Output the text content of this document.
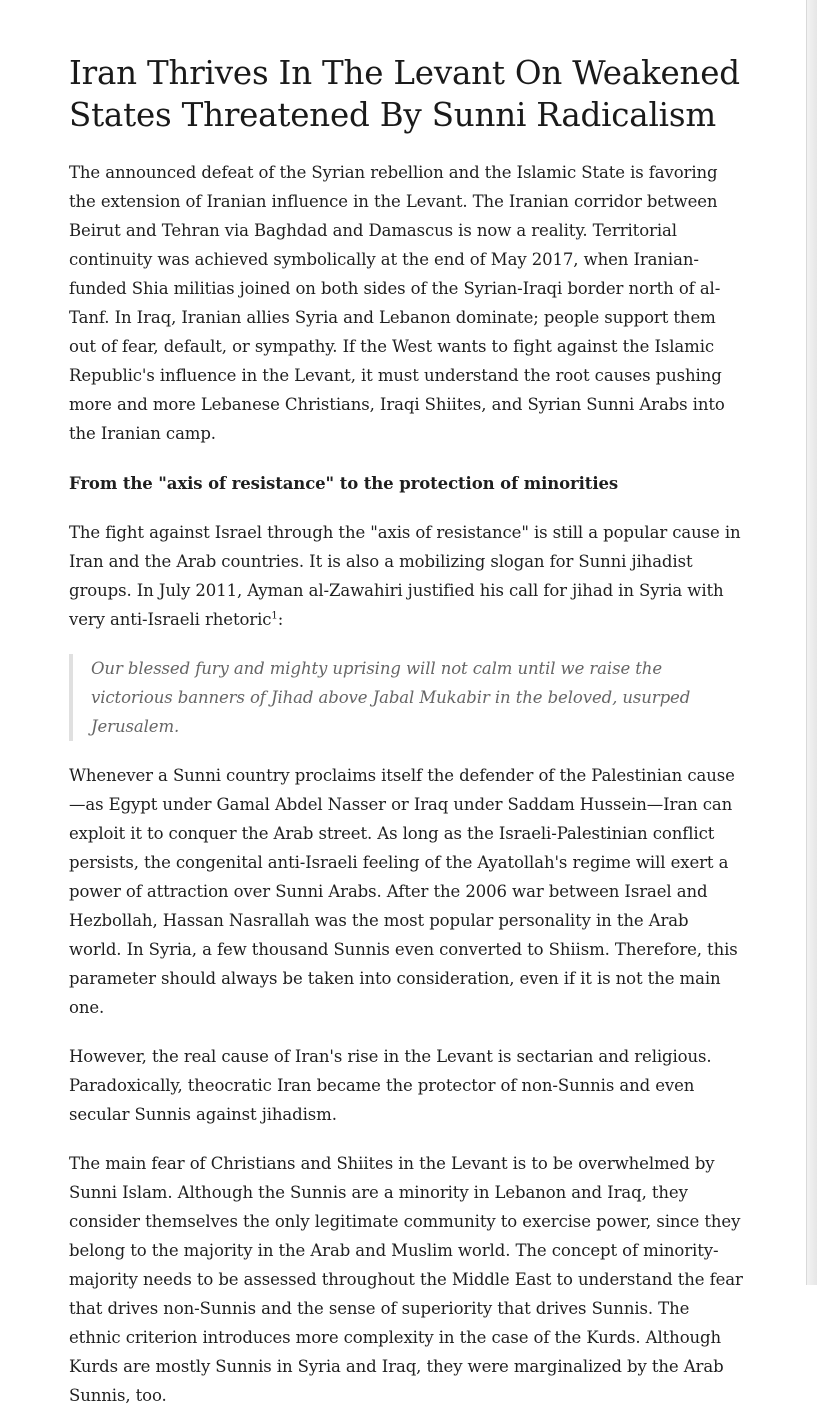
Iran Thrives In The Levant On Weakened States Threatened By Sunni Radicalism

The announced defeat of the Syrian rebellion and the Islamic State is favoring the extension of Iranian influence in the Levant. The Iranian corridor between Beirut and Tehran via Baghdad and Damascus is now a reality. Territorial continuity was achieved symbolically at the end of May 2017, when Iranian-funded Shia militias joined on both sides of the Syrian-Iraqi border north of al-Tanf. In Iraq, Iranian allies Syria and Lebanon dominate; people support them out of fear, default, or sympathy. If the West wants to fight against the Islamic Republic's influence in the Levant, it must understand the root causes pushing more and more Lebanese Christians, Iraqi Shiites, and Syrian Sunni Arabs into the Iranian camp.

From the "axis of resistance" to the protection of minorities

The fight against Israel through the "axis of resistance" is still a popular cause in Iran and the Arab countries. It is also a mobilizing slogan for Sunni jihadist groups. In July 2011, Ayman al-Zawahiri justified his call for jihad in Syria with very anti-Israeli rhetoric$^1$:

Our blessed fury and mighty uprising will not calm until we raise the victorious banners of Jihad above Jabal Mukabir in the beloved, usurped Jerusalem.

Whenever a Sunni country proclaims itself the defender of the Palestinian cause—as Egypt under Gamal Abdel Nasser or Iraq under Saddam Hussein—Iran can exploit it to conquer the Arab street. As long as the Israeli-Palestinian conflict persists, the congenital anti-Israeli feeling of the Ayatollah's regime will exert a power of attraction over Sunni Arabs. After the 2006 war between Israel and Hezbollah, Hassan Nasrallah was the most popular personality in the Arab world. In Syria, a few thousand Sunnis even converted to Shiism. Therefore, this parameter should always be taken into consideration, even if it is not the main one.

However, the real cause of Iran's rise in the Levant is sectarian and religious. Paradoxically, theocratic Iran became the protector of non-Sunnis and even secular Sunnis against jihadism.

The main fear of Christians and Shiites in the Levant is to be overwhelmed by Sunni Islam. Although the Sunnis are a minority in Lebanon and Iraq, they consider themselves the only legitimate community to exercise power, since they belong to the majority in the Arab and Muslim world. The concept of minority-majority needs to be assessed throughout the Middle East to understand the fear that drives non-Sunnis and the sense of superiority that drives Sunnis. The ethnic criterion introduces more complexity in the case of the Kurds. Although Kurds are mostly Sunnis in Syria and Iraq, they were marginalized by the Arab Sunnis, too.
